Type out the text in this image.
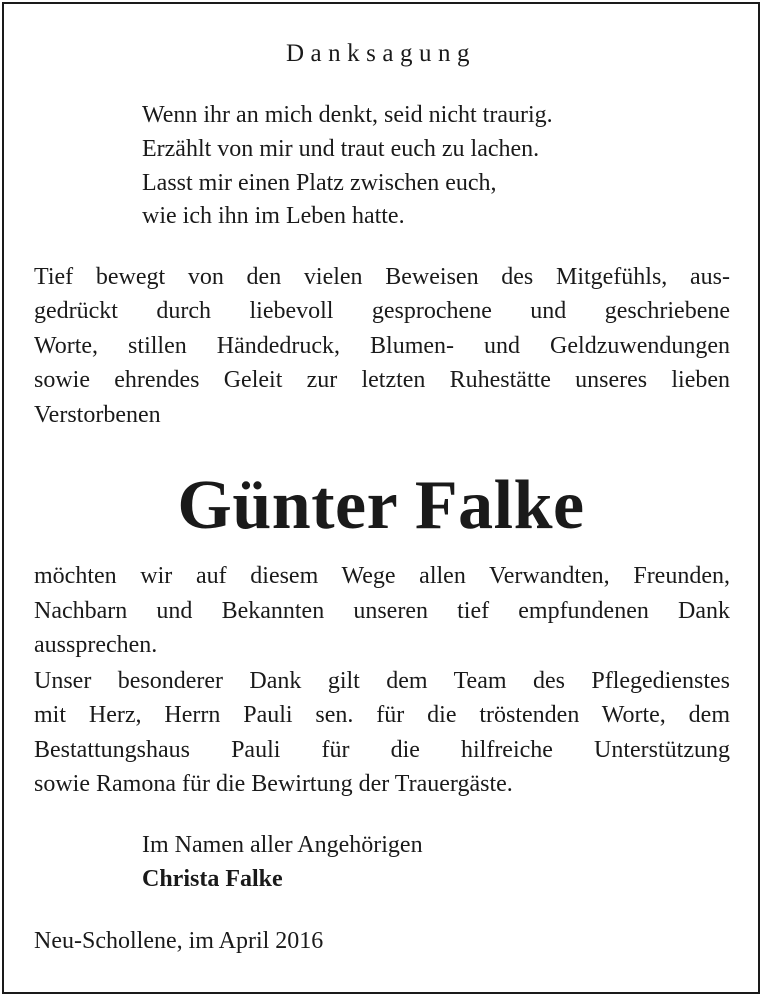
Danksagung
Wenn ihr an mich denkt, seid nicht traurig.
Erzählt von mir und traut euch zu lachen.
Lasst mir einen Platz zwischen euch,
wie ich ihn im Leben hatte.
Tief bewegt von den vielen Beweisen des Mitgefühls, aus-
gedrückt durch liebevoll gesprochene und geschriebene
Worte, stillen Händedruck, Blumen- und Geldzuwendungen
sowie ehrendes Geleit zur letzten Ruhestätte unseres lieben
Verstorbenen
Günter Falke
möchten wir auf diesem Wege allen Verwandten, Freunden,
Nachbarn und Bekannten unseren tief empfundenen Dank
aussprechen.
Unser besonderer Dank gilt dem Team des Pflegedienstes
mit Herz, Herrn Pauli sen. für die tröstenden Worte, dem
Bestattungshaus Pauli für die hilfreiche Unterstützung
sowie Ramona für die Bewirtung der Trauergäste.
Im Namen aller Angehörigen
Christa Falke
Neu-Schollene, im April 2016
